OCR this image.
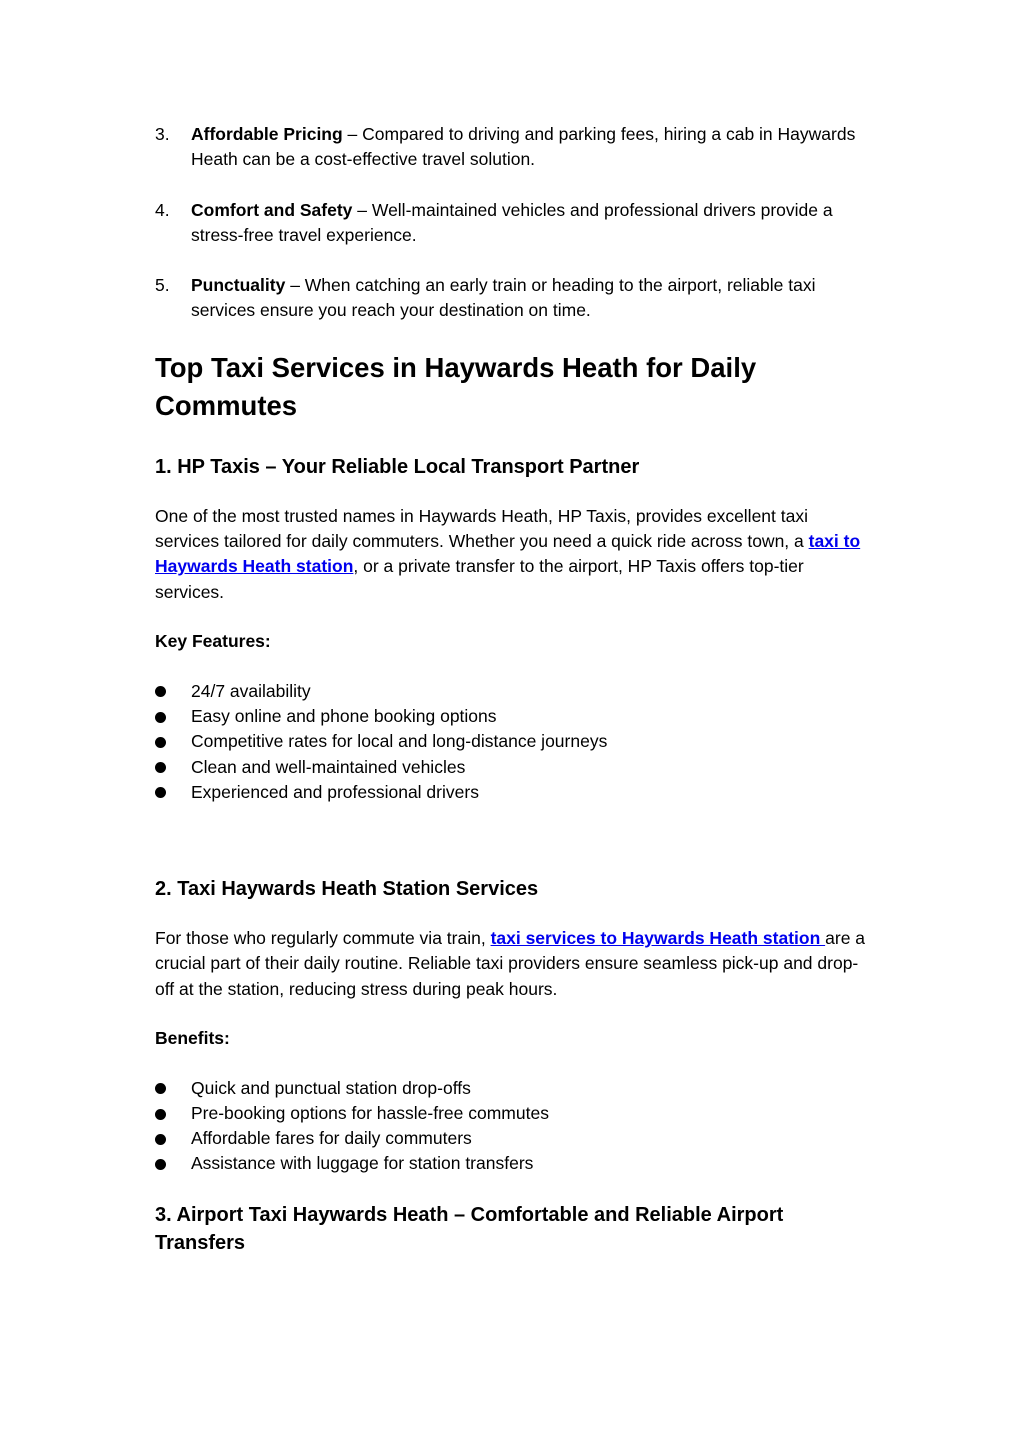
3. Affordable Pricing – Compared to driving and parking fees, hiring a cab in Haywards Heath can be a cost-effective travel solution.
4. Comfort and Safety – Well-maintained vehicles and professional drivers provide a stress-free travel experience.
5. Punctuality – When catching an early train or heading to the airport, reliable taxi services ensure you reach your destination on time.
Top Taxi Services in Haywards Heath for Daily Commutes
1. HP Taxis – Your Reliable Local Transport Partner

One of the most trusted names in Haywards Heath, HP Taxis, provides excellent taxi services tailored for daily commuters. Whether you need a quick ride across town, a taxi to Haywards Heath station, or a private transfer to the airport, HP Taxis offers top-tier services.

Key Features:

24/7 availability
Easy online and phone booking options
Competitive rates for local and long-distance journeys
Clean and well-maintained vehicles
Experienced and professional drivers
2. Taxi Haywards Heath Station Services

For those who regularly commute via train, taxi services to Haywards Heath station are a crucial part of their daily routine. Reliable taxi providers ensure seamless pick-up and drop-off at the station, reducing stress during peak hours.

Benefits:

Quick and punctual station drop-offs
Pre-booking options for hassle-free commutes
Affordable fares for daily commuters
Assistance with luggage for station transfers
3. Airport Taxi Haywards Heath – Comfortable and Reliable Airport Transfers
